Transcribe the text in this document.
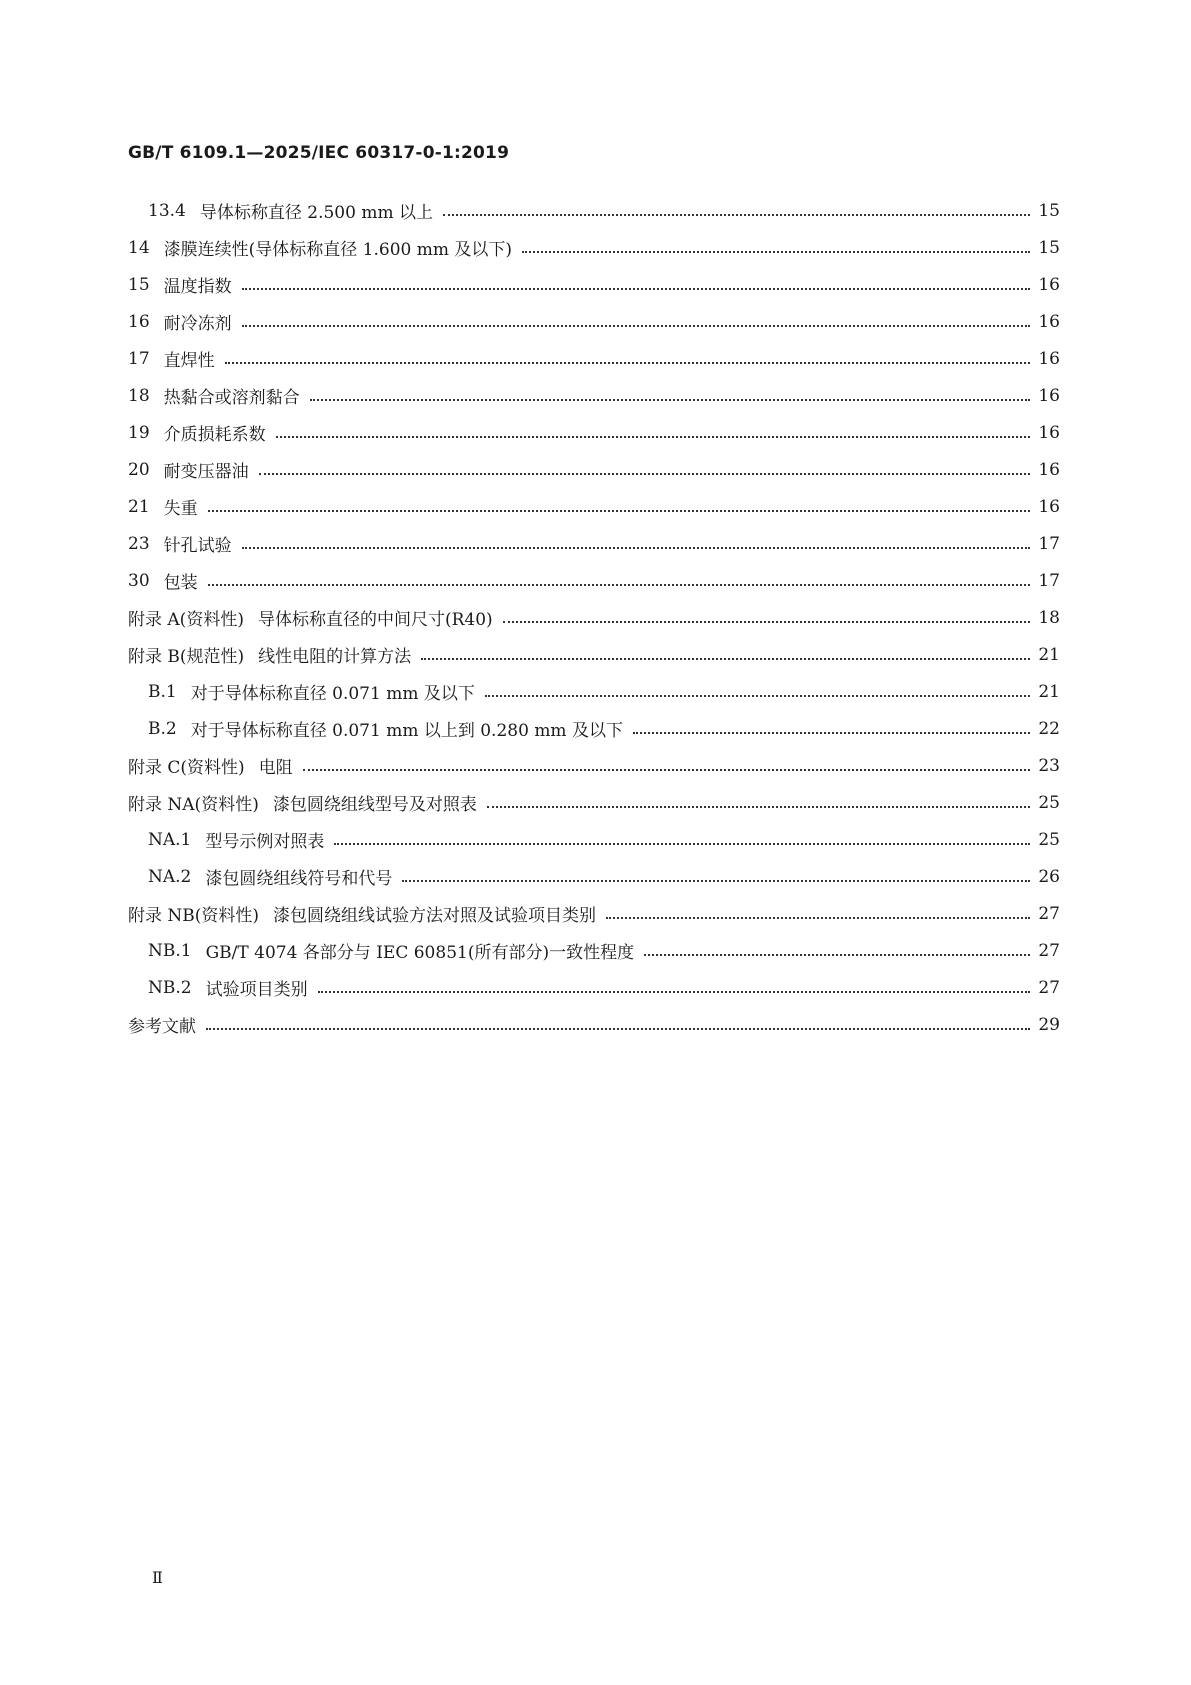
GB/T 6109.1—2025/IEC 60317-0-1:2019
13.4 导体标称直径 2.500 mm 以上	15
14 漆膜连续性(导体标称直径 1.600 mm 及以下)	15
15 温度指数	16
16 耐冷冻剂	16
17 直焊性	16
18 热黏合或溶剂黏合	16
19 介质损耗系数	16
20 耐变压器油	16
21 失重	16
23 针孔试验	17
30 包装	17
附录 A(资料性) 导体标称直径的中间尺寸(R40)	18
附录 B(规范性) 线性电阻的计算方法	21
B.1 对于导体标称直径 0.071 mm 及以下	21
B.2 对于导体标称直径 0.071 mm 以上到 0.280 mm 及以下	22
附录 C(资料性) 电阻	23
附录 NA(资料性) 漆包圆绕组线型号及对照表	25
NA.1 型号示例对照表	25
NA.2 漆包圆绕组线符号和代号	26
附录 NB(资料性) 漆包圆绕组线试验方法对照及试验项目类别	27
NB.1 GB/T 4074 各部分与 IEC 60851(所有部分)一致性程度	27
NB.2 试验项目类别	27
参考文献	29
Ⅱ
